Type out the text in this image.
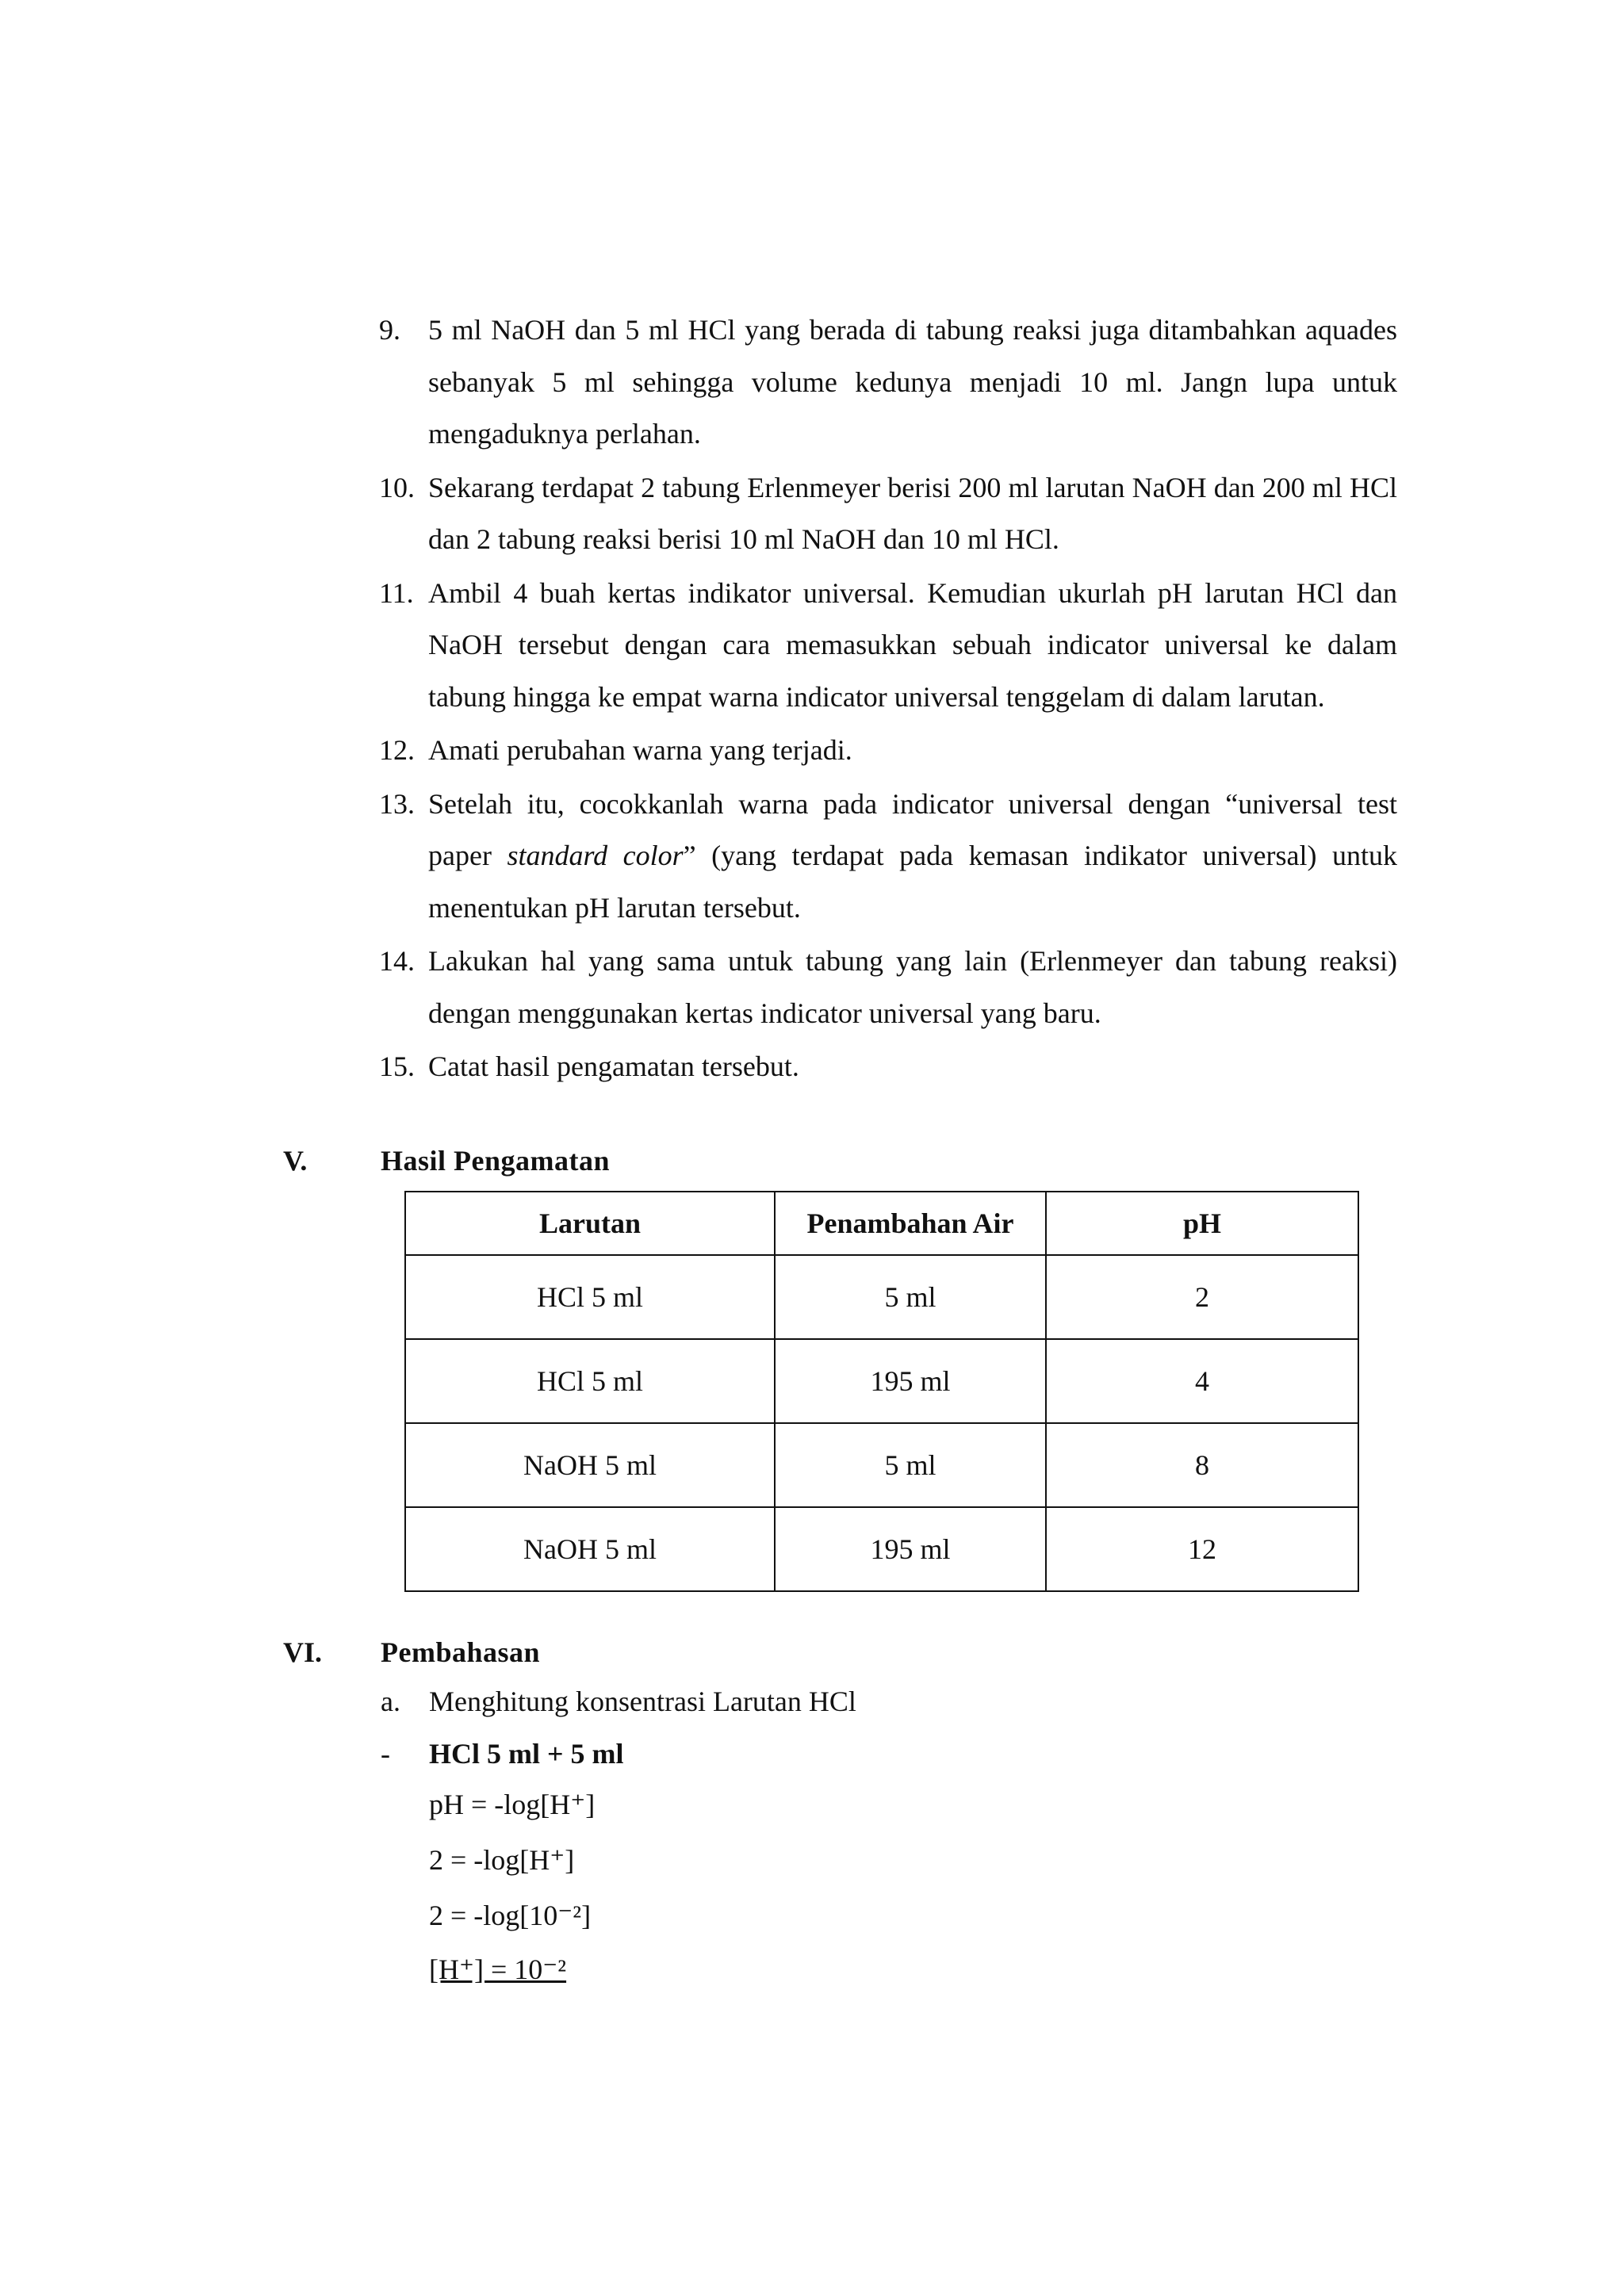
9. 5 ml NaOH dan 5 ml HCl yang berada di tabung reaksi juga ditambahkan aquades sebanyak 5 ml sehingga volume kedunya menjadi 10 ml. Jangn lupa untuk mengaduknya perlahan.
10. Sekarang terdapat 2 tabung Erlenmeyer berisi 200 ml larutan NaOH dan 200 ml HCl dan 2 tabung reaksi berisi 10 ml NaOH dan 10 ml HCl.
11. Ambil 4 buah kertas indikator universal. Kemudian ukurlah pH larutan HCl dan NaOH tersebut dengan cara memasukkan sebuah indicator universal ke dalam tabung hingga ke empat warna indicator universal tenggelam di dalam larutan.
12. Amati perubahan warna yang terjadi.
13. Setelah itu, cocokkanlah warna pada indicator universal dengan “universal test paper standard color” (yang terdapat pada kemasan indikator universal) untuk menentukan pH larutan tersebut.
14. Lakukan hal yang sama untuk tabung yang lain (Erlenmeyer dan tabung reaksi) dengan menggunakan kertas indicator universal yang baru.
15. Catat hasil pengamatan tersebut.
V.	Hasil Pengamatan
Larutan	Penambahan Air	pH
HCl 5 ml	5 ml	2
HCl 5 ml	195 ml	4
NaOH 5 ml	5 ml	8
NaOH 5 ml	195 ml	12
VI. Pembahasan
a. Menghitung konsentrasi Larutan HCl
- HCl 5 ml + 5 ml
pH = -log[H⁺]
2 = -log[H⁺]
2 = -log[10⁻²]
[H⁺] = 10⁻²
